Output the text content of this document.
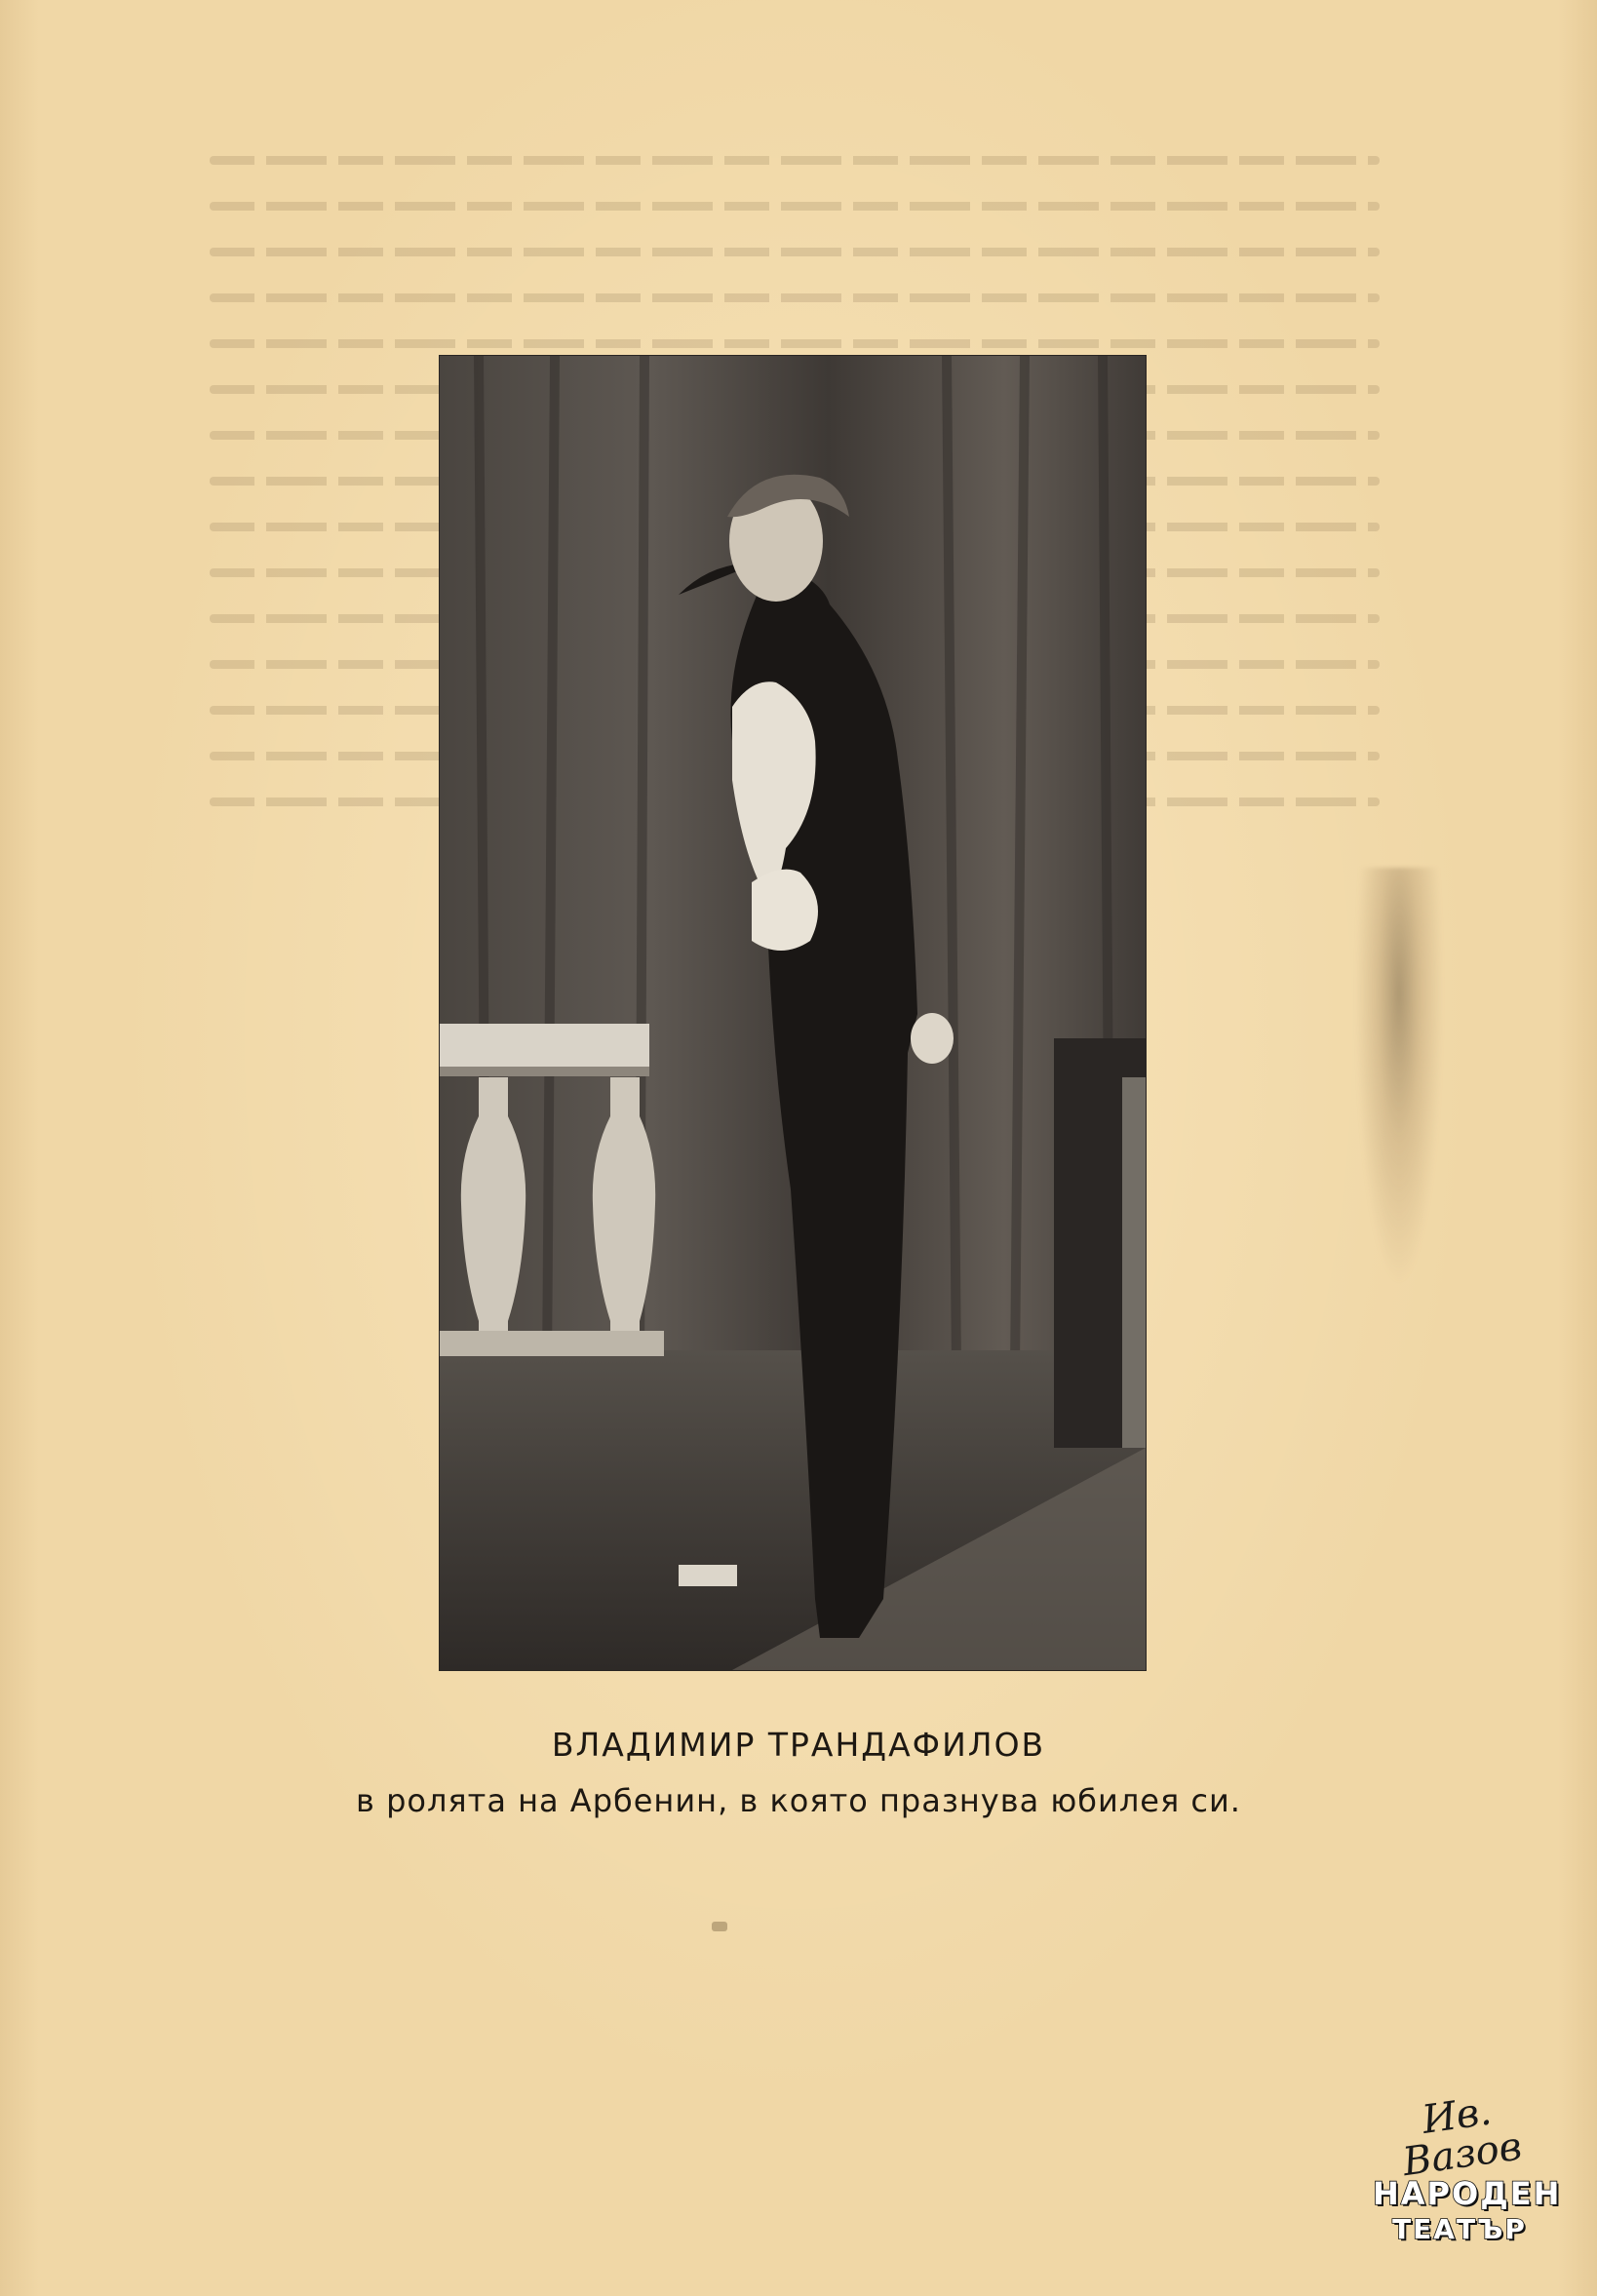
ВЛАДИМИР ТРАНДАФИЛОВ
в ролята на Арбенин, в която празнува юбилея си.
Ив. Вазов
НАРОДЕН
ТЕАТЪР
